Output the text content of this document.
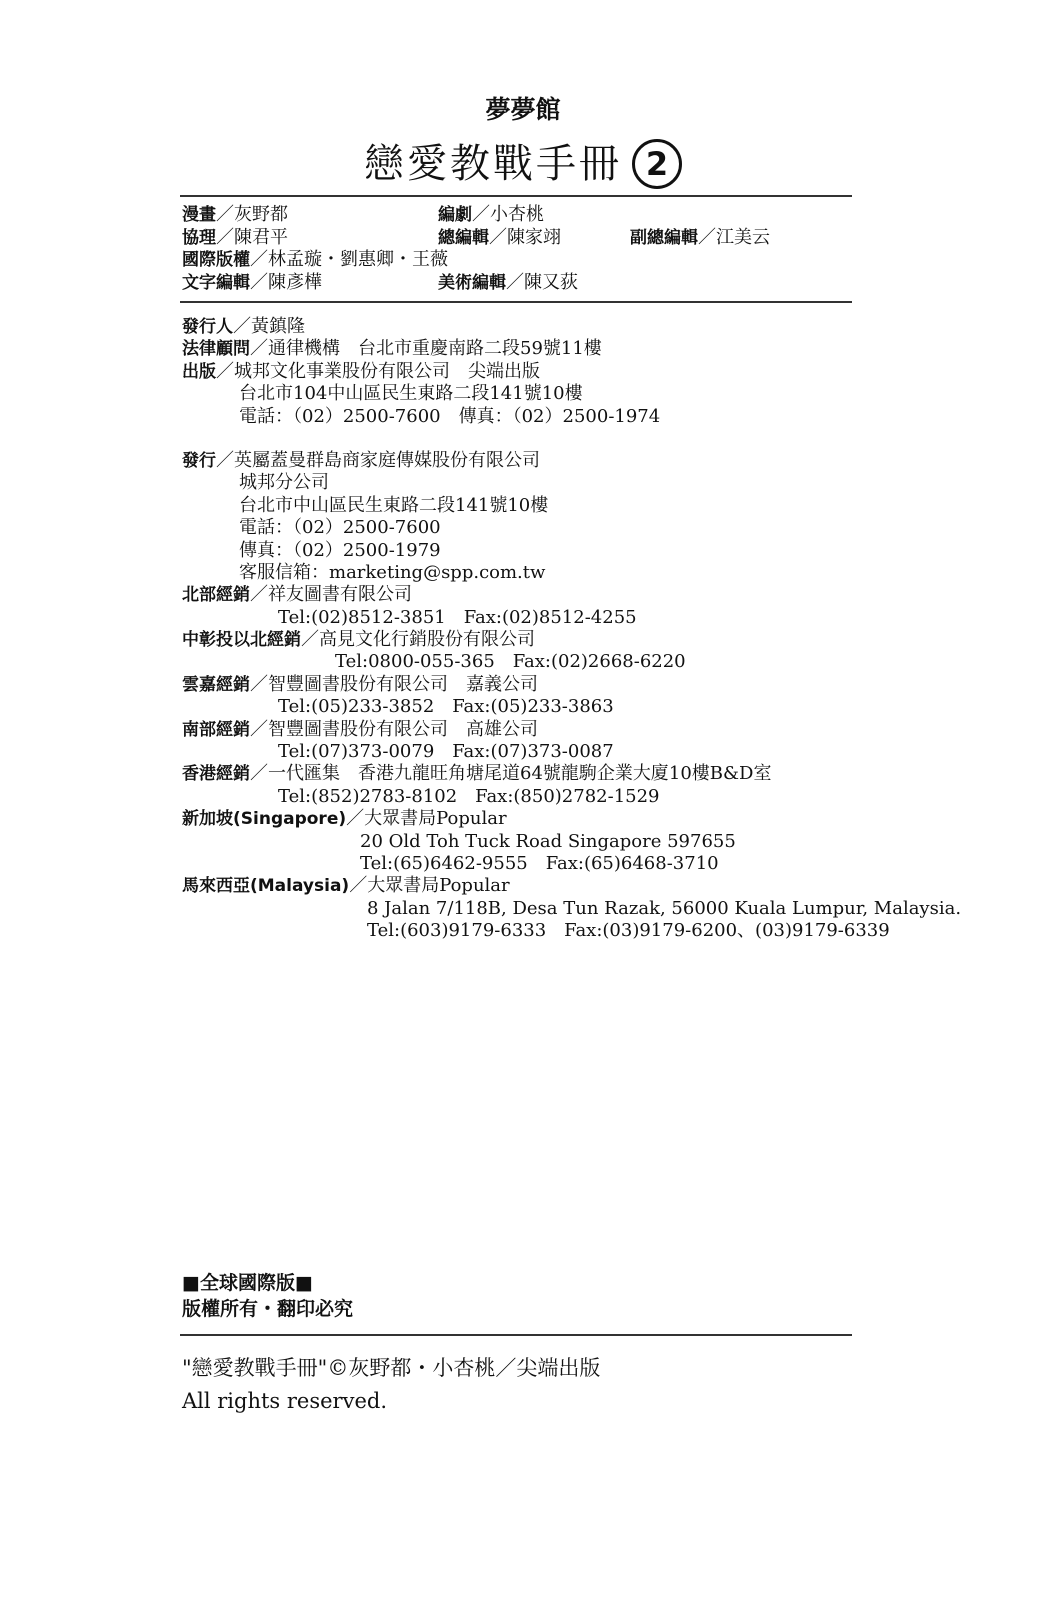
夢夢館
戀愛教戰手冊 2
漫畫／灰野都	編劇／小杏桃
協理／陳君平	總編輯／陳家翊	副總編輯／江美云
國際版權／林孟璇・劉惠卿・王薇
文字編輯／陳彥樺	美術編輯／陳又荻
發行人／黃鎮隆
法律顧問／通律機構　台北市重慶南路二段59號11樓
出版／城邦文化事業股份有限公司　尖端出版
台北市104中山區民生東路二段141號10樓
電話：（02）2500-7600　傳真：（02）2500-1974
發行／英屬蓋曼群島商家庭傳媒股份有限公司
城邦分公司
台北市中山區民生東路二段141號10樓
電話：（02）2500-7600
傳真：（02）2500-1979
客服信箱：marketing@spp.com.tw
北部經銷／祥友圖書有限公司
Tel:(02)8512-3851　Fax:(02)8512-4255
中彰投以北經銷／高見文化行銷股份有限公司
Tel:0800-055-365　Fax:(02)2668-6220
雲嘉經銷／智豐圖書股份有限公司　嘉義公司
Tel:(05)233-3852　Fax:(05)233-3863
南部經銷／智豐圖書股份有限公司　高雄公司
Tel:(07)373-0079　Fax:(07)373-0087
香港經銷／一代匯集　香港九龍旺角塘尾道64號龍駒企業大廈10樓B&D室
Tel:(852)2783-8102　Fax:(850)2782-1529
新加坡(Singapore)／大眾書局Popular
20 Old Toh Tuck Road Singapore 597655
Tel:(65)6462-9555　Fax:(65)6468-3710
馬來西亞(Malaysia)／大眾書局Popular
8 Jalan 7/118B, Desa Tun Razak, 56000 Kuala Lumpur, Malaysia.
Tel:(603)9179-6333　Fax:(03)9179-6200、(03)9179-6339
■全球國際版■
版權所有・翻印必究
"戀愛教戰手冊"©灰野都・小杏桃／尖端出版
All rights reserved.
